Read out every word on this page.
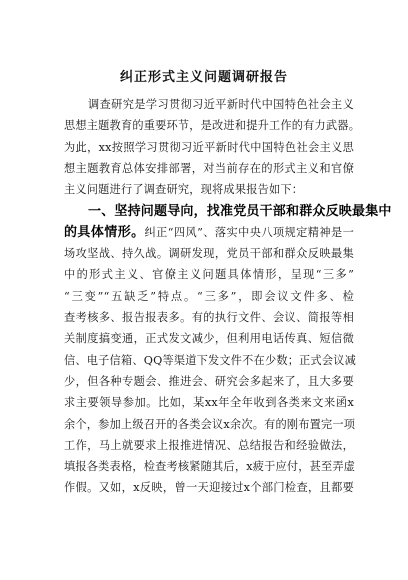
纠正形式主义问题调研报告
调查研究是学习贯彻习近平新时代中国特色社会主义
思想主题教育的重要环节，是改进和提升工作的有力武器。
为此，xx按照学习贯彻习近平新时代中国特色社会主义思
想主题教育总体安排部署，对当前存在的形式主义和官僚
主义问题进行了调查研究，现将成果报告如下：
一、坚持问题导向，找准党员干部和群众反映最集中
的具体情形。纠正“四风”、落实中央八项规定精神是一
场攻坚战、持久战。调研发现，党员干部和群众反映最集
中的形式主义、官僚主义问题具体情形，呈现“三多”
“三变”“五缺乏”特点。“三多”，即会议文件多、检
查考核多、报告报表多。有的执行文件、会议、简报等相
关制度搞变通，正式发文减少，但利用电话传真、短信微
信、电子信箱、QQ等渠道下发文件不在少数；正式会议减
少，但各种专题会、推进会、研究会多起来了，且大多要
求主要领导参加。比如，某xx年全年收到各类来文来函x
余个，参加上级召开的各类会议x余次。有的刚布置完一项
工作，马上就要求上报推进情况、总结报告和经验做法，
填报各类表格，检查考核紧随其后，x疲于应付，甚至弄虚
作假。又如，x反映，曾一天迎接过x个部门检查，且都要
